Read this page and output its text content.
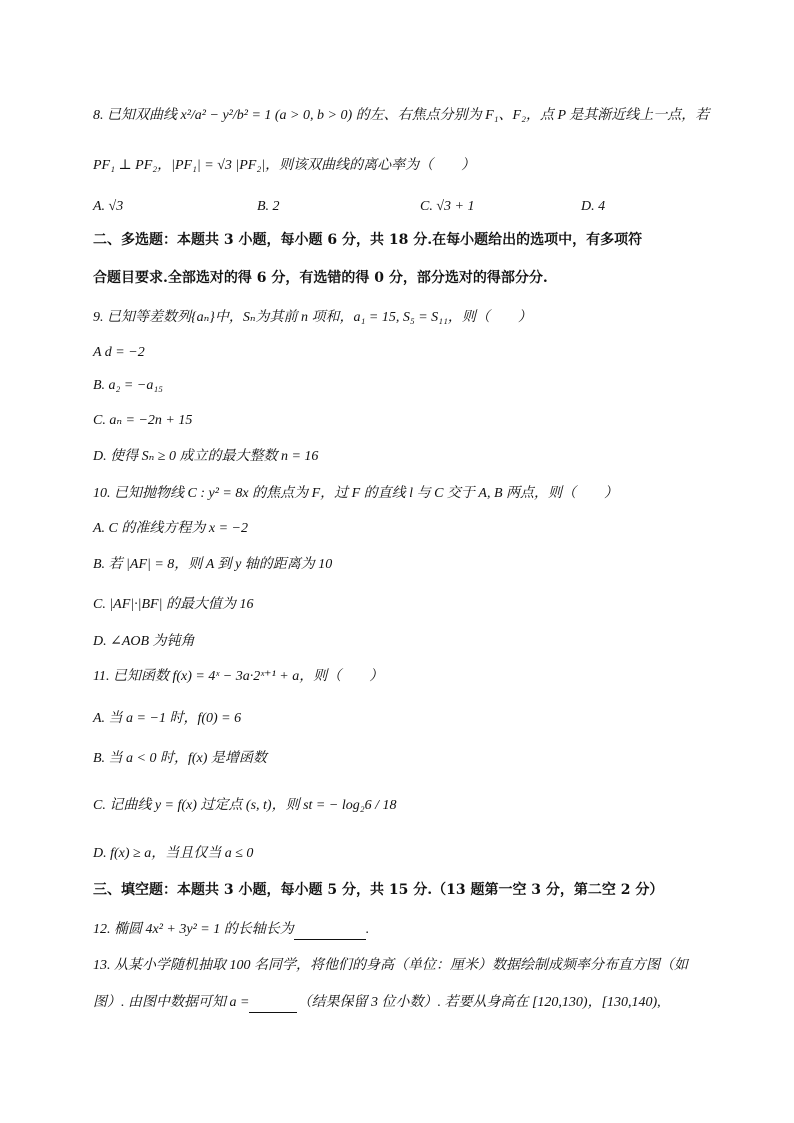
8. 已知双曲线 x²/a² − y²/b² = 1 (a > 0, b > 0) 的左、右焦点分别为 F₁、F₂，点 P 是其渐近线上一点，若
PF₁ ⊥ PF₂，|PF₁| = √3 |PF₂|，则该双曲线的离心率为（　　）
A. √3	B. 2	C. √3 + 1	D. 4
二、多选题：本题共 3 小题，每小题 6 分，共 18 分.在每小题给出的选项中，有多项符
合题目要求.全部选对的得 6 分，有选错的得 0 分，部分选对的得部分分.
9. 已知等差数列{aₙ}中，Sₙ为其前 n 项和，a₁ = 15, S₅ = S₁₁，则（　　）
A d = −2
B. a₂ = −a₁₅
C. aₙ = −2n + 15
D. 使得 Sₙ ≥ 0 成立的最大整数 n = 16
10. 已知抛物线 C : y² = 8x 的焦点为 F，过 F 的直线 l 与 C 交于 A, B 两点，则（　　）
A. C 的准线方程为 x = −2
B. 若 |AF| = 8，则 A 到 y 轴的距离为 10
C. |AF|·|BF| 的最大值为 16
D. ∠AOB 为钝角
11. 已知函数 f(x) = 4ˣ − 3a·2ˣ⁺¹ + a，则（　　）
A. 当 a = −1 时，f(0) = 6
B. 当 a < 0 时，f(x) 是增函数
C. 记曲线 y = f(x) 过定点 (s, t)，则 st = − log₂6 / 18
D. f(x) ≥ a，当且仅当 a ≤ 0
三、填空题：本题共 3 小题，每小题 5 分，共 15 分.（13 题第一空 3 分，第二空 2 分）
12. 椭圆 4x² + 3y² = 1 的长轴长为	.
13. 从某小学随机抽取 100 名同学，将他们的身高（单位：厘米）数据绘制成频率分布直方图（如
图）. 由图中数据可知 a =	（结果保留 3 位小数）. 若要从身高在 [120,130)，[130,140),
